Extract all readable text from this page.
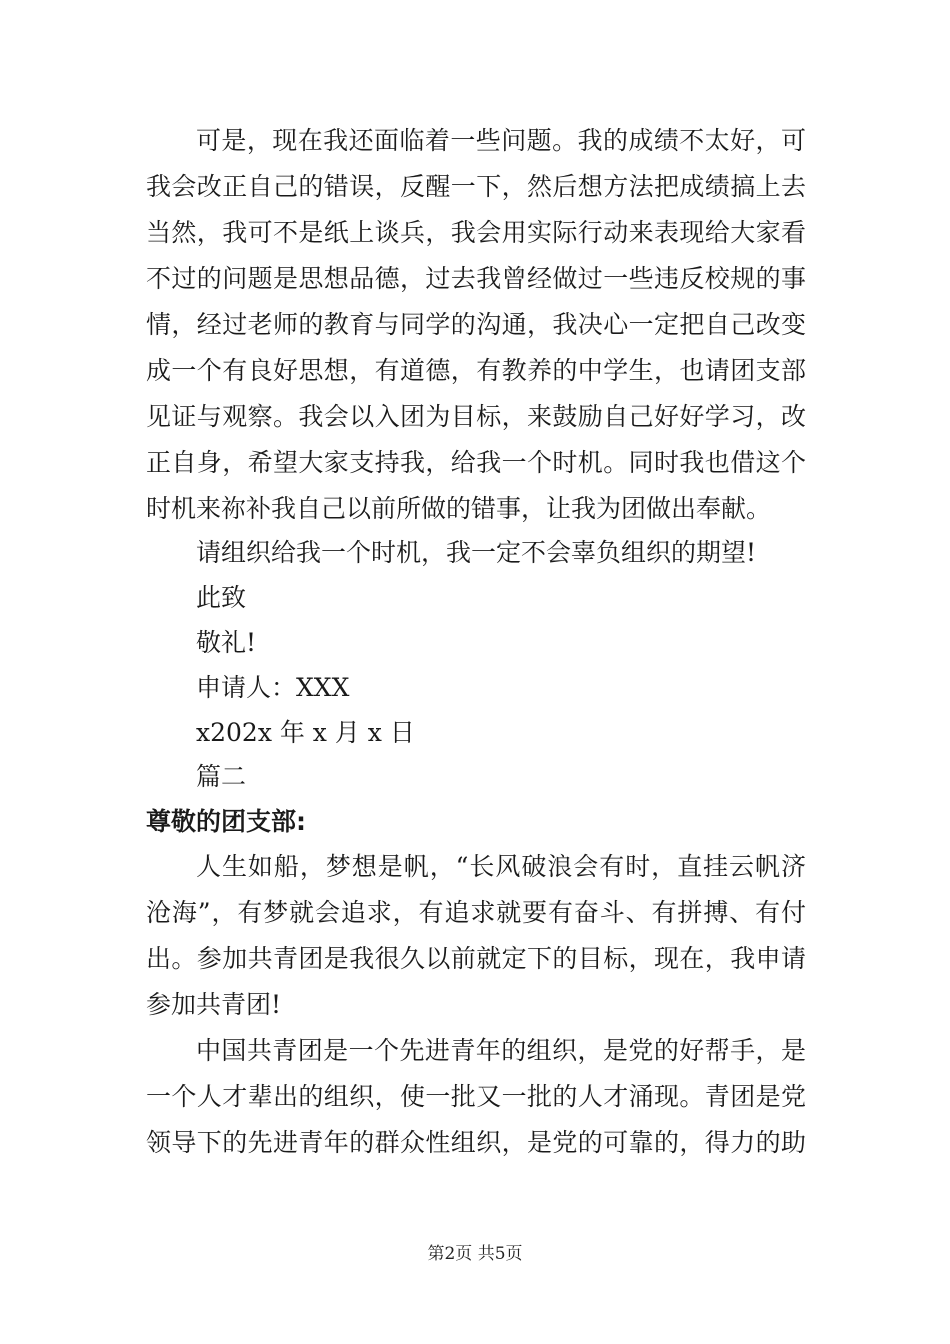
可是，现在我还面临着一些问题。我的成绩不太好，可
我会改正自己的错误，反醒一下，然后想方法把成绩搞上去
当然，我可不是纸上谈兵，我会用实际行动来表现给大家看
不过的问题是思想品德，过去我曾经做过一些违反校规的事
情，经过老师的教育与同学的沟通，我决心一定把自己改变
成一个有良好思想，有道德，有教养的中学生，也请团支部
见证与观察。我会以入团为目标，来鼓励自己好好学习，改
正自身，希望大家支持我，给我一个时机。同时我也借这个
时机来祢补我自己以前所做的错事，让我为团做出奉献。
请组织给我一个时机，我一定不会辜负组织的期望!
此致
敬礼!
申请人：XXX
x202x 年 x 月 x 日
篇二
尊敬的团支部:
人生如船，梦想是帆，“长风破浪会有时，直挂云帆济
沧海”，有梦就会追求，有追求就要有奋斗、有拼搏、有付
出。参加共青团是我很久以前就定下的目标，现在，我申请
参加共青团!
中国共青团是一个先进青年的组织，是党的好帮手，是
一个人才辈出的组织，使一批又一批的人才涌现。青团是党
领导下的先进青年的群众性组织，是党的可靠的，得力的助
第2页 共5页
